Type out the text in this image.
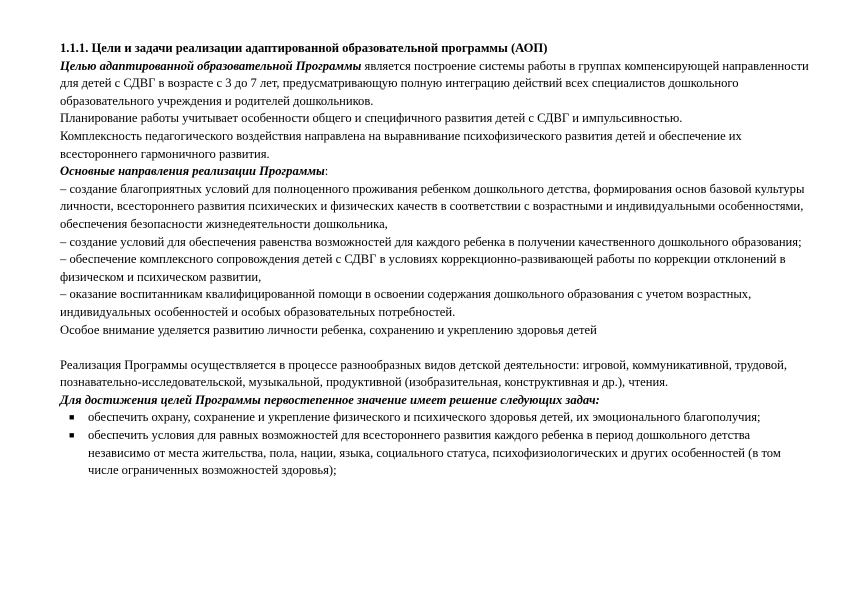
1.1.1. Цели и задачи реализации адаптированной образовательной программы (АОП)

Целью адаптированной образовательной Программы является построение системы работы в группах компенсирующей направленности для детей с СДВГ в возрасте с 3 до 7 лет, предусматривающую полную интеграцию действий всех специалистов дошкольного образовательного учреждения и родителей дошкольников.

Планирование работы учитывает особенности общего и специфичного развития детей с СДВГ и импульсивностью.

Комплексность педагогического воздействия направлена на выравнивание психофизического развития детей и обеспечение их всестороннего гармоничного развития.

Основные направления реализации Программы:

– создание благоприятных условий для полноценного проживания ребенком дошкольного детства, формирования основ базовой культуры личности, всестороннего развития психических и физических качеств в соответствии с возрастными и индивидуальными особенностями, обеспечения безопасности жизнедеятельности дошкольника,

– создание условий для обеспечения равенства возможностей для каждого ребенка в получении качественного дошкольного образования;

– обеспечение комплексного сопровождения детей с СДВГ в условиях коррекционно-развивающей работы по коррекции отклонений в физическом и психическом развитии,

– оказание воспитанникам квалифицированной помощи в освоении содержания дошкольного образования с учетом возрастных, индивидуальных особенностей и особых образовательных потребностей.

Особое внимание уделяется развитию личности ребенка, сохранению и укреплению здоровья детей

Реализация Программы осуществляется в процессе разнообразных видов детской деятельности: игровой, коммуникативной, трудовой, познавательно-исследовательской, музыкальной, продуктивной (изобразительная, конструктивная и др.), чтения.

Для достижения целей Программы первостепенное значение имеет решение следующих задач:

■ обеспечить охрану, сохранение и укрепление физического и психического здоровья детей, их эмоционального благополучия;
■ обеспечить условия для равных возможностей для всестороннего развития каждого ребенка в период дошкольного детства независимо от места жительства, пола, нации, языка, социального статуса, психофизиологических и других особенностей (в том числе ограниченных возможностей здоровья);
